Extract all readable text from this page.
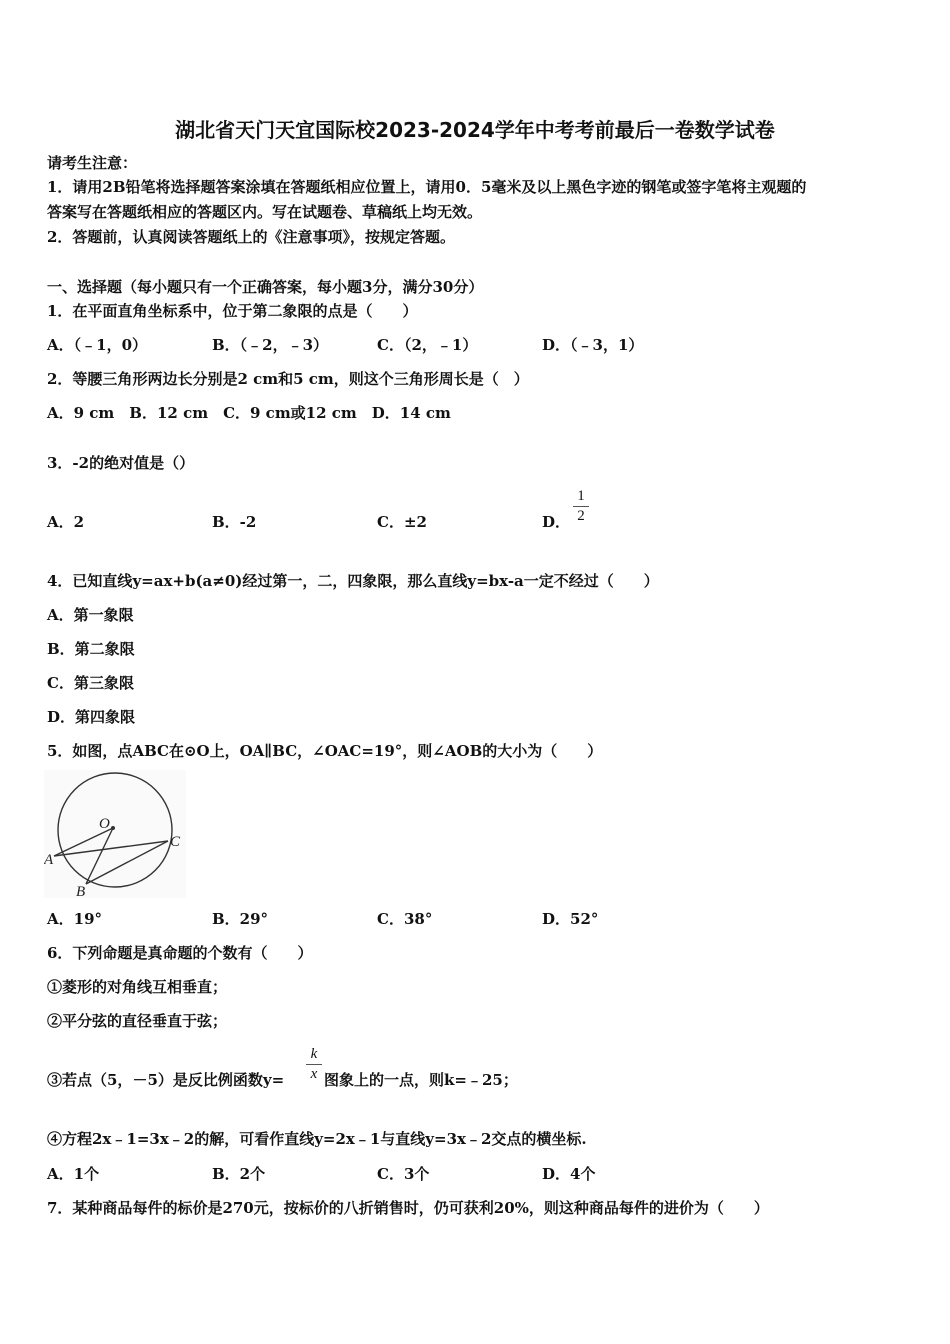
湖北省天门天宜国际校2023-2024学年中考考前最后一卷数学试卷
请考生注意：
1．请用2B铅笔将选择题答案涂填在答题纸相应位置上，请用0．5毫米及以上黑色字迹的钢笔或签字笔将主观题的
答案写在答题纸相应的答题区内。写在试题卷、草稿纸上均无效。
2．答题前，认真阅读答题纸上的《注意事项》，按规定答题。
一、选择题（每小题只有一个正确答案，每小题3分，满分30分）
1．在平面直角坐标系中，位于第二象限的点是（　　）
A．（﹣1，0）	B．（﹣2，﹣3）	C．（2，﹣1）	D．（﹣3，1）
2．等腰三角形两边长分别是2 cm和5 cm，则这个三角形周长是（　）
A．9 cm　B．12 cm　C．9 cm或12 cm　D．14 cm
3．-2的绝对值是（）
A．2	B．-2	C．±2	D．
1
2
4．已知直线y=ax+b(a≠0)经过第一，二，四象限，那么直线y=bx-a一定不经过（　　）
A．第一象限
B．第二象限
C．第三象限
D．第四象限
5．如图，点ABC在⊙O上，OA∥BC，∠OAC=19°，则∠AOB的大小为（　　）
O
A
B
C
A．19°	B．29°	C．38°	D．52°
6．下列命题是真命题的个数有（　　）
①菱形的对角线互相垂直；
②平分弦的直径垂直于弦；
③若点（5，－5）是反比例函数y=
k
x 图象上的一点，则k=﹣25；
④方程2x﹣1=3x﹣2的解，可看作直线y=2x﹣1与直线y=3x﹣2交点的横坐标.
A．1个	B．2个	C．3个	D．4个
7．某种商品每件的标价是270元，按标价的八折销售时，仍可获利20%，则这种商品每件的进价为（　　）
